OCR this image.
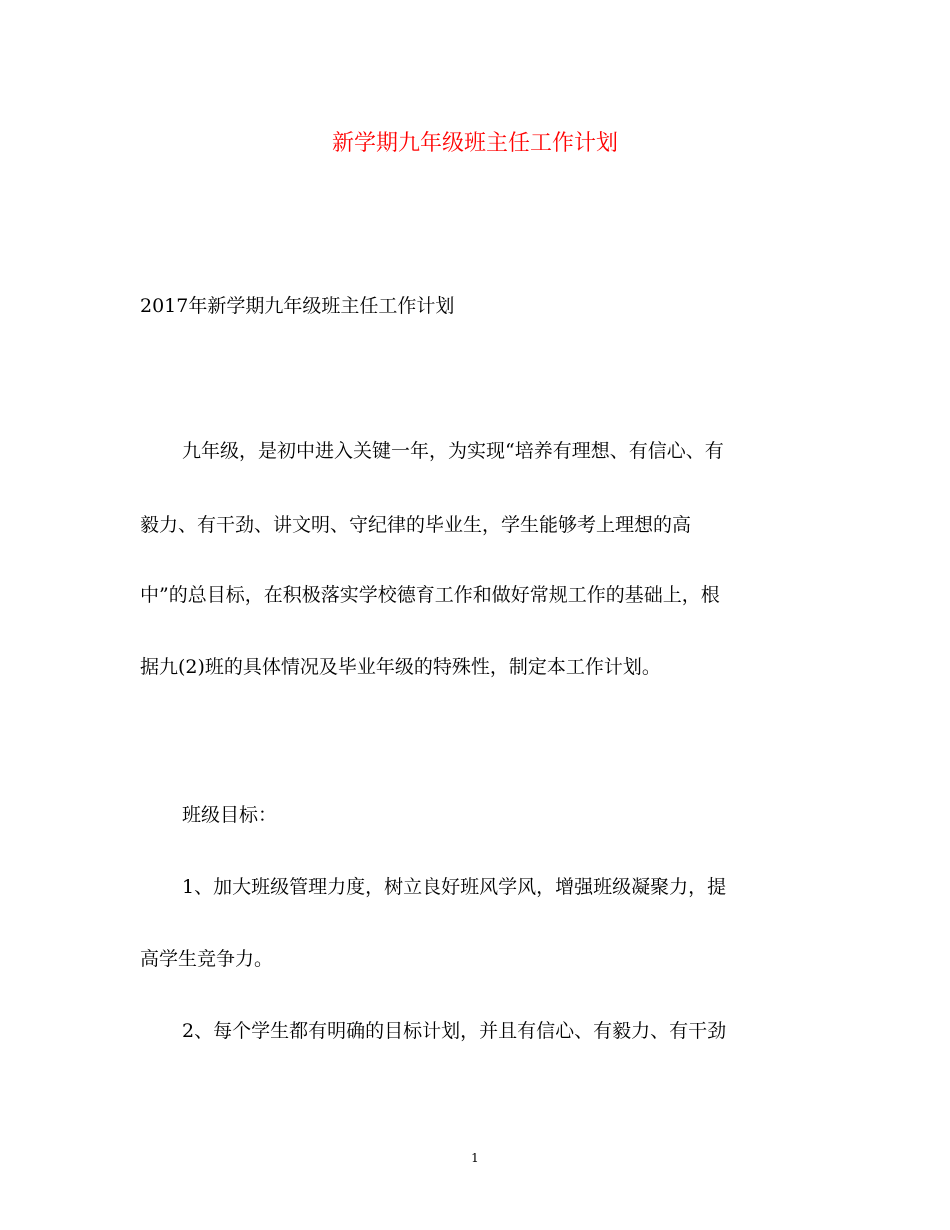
新学期九年级班主任工作计划
2017年新学期九年级班主任工作计划
九年级，是初中进入关键一年，为实现“培养有理想、有信心、有
毅力、有干劲、讲文明、守纪律的毕业生，学生能够考上理想的高
中”的总目标，在积极落实学校德育工作和做好常规工作的基础上，根
据九(2)班的具体情况及毕业年级的特殊性，制定本工作计划。
班级目标：
1、加大班级管理力度，树立良好班风学风，增强班级凝聚力，提
高学生竞争力。
2、每个学生都有明确的目标计划，并且有信心、有毅力、有干劲
1
